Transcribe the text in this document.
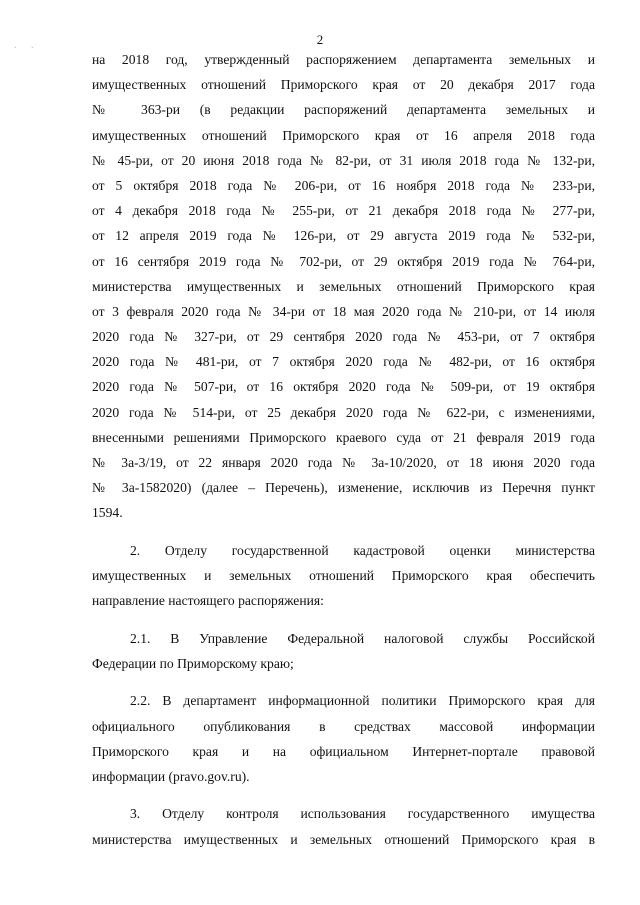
. .	2
на 2018 год, утвержденный распоряжением департамента земельных и
имущественных отношений Приморского края от 20 декабря 2017 года
№ 363-ри (в редакции распоряжений департамента земельных и
имущественных отношений Приморского края от 16 апреля 2018 года
№ 45-ри, от 20 июня 2018 года № 82-ри, от 31 июля 2018 года № 132-ри,
от 5 октября 2018 года № 206-ри, от 16 ноября 2018 года № 233-ри,
от 4 декабря 2018 года № 255-ри, от 21 декабря 2018 года № 277-ри,
от 12 апреля 2019 года № 126-ри, от 29 августа 2019 года № 532-ри,
от 16 сентября 2019 года № 702-ри, от 29 октября 2019 года № 764-ри,
министерства имущественных и земельных отношений Приморского края
от 3 февраля 2020 года № 34-ри от 18 мая 2020 года № 210-ри, от 14 июля
2020 года № 327-ри, от 29 сентября 2020 года № 453-ри, от 7 октября
2020 года № 481-ри, от 7 октября 2020 года № 482-ри, от 16 октября
2020 года № 507-ри, от 16 октября 2020 года № 509-ри, от 19 октября
2020 года № 514-ри, от 25 декабря 2020 года № 622-ри, с изменениями,
внесенными решениями Приморского краевого суда от 21 февраля 2019 года
№ 3а-3/19, от 22 января 2020 года № 3а-10/2020, от 18 июня 2020 года
№ 3а-1582020) (далее – Перечень), изменение, исключив из Перечня пункт
1594.
2. Отделу государственной кадастровой оценки министерства
имущественных и земельных отношений Приморского края обеспечить
направление настоящего распоряжения:
2.1. В Управление Федеральной налоговой службы Российской
Федерации по Приморскому краю;
2.2. В департамент информационной политики Приморского края для
официального опубликования в средствах массовой информации
Приморского края и на официальном Интернет-портале правовой
информации (pravo.gov.ru).
3. Отделу контроля использования государственного имущества
министерства имущественных и земельных отношений Приморского края в
